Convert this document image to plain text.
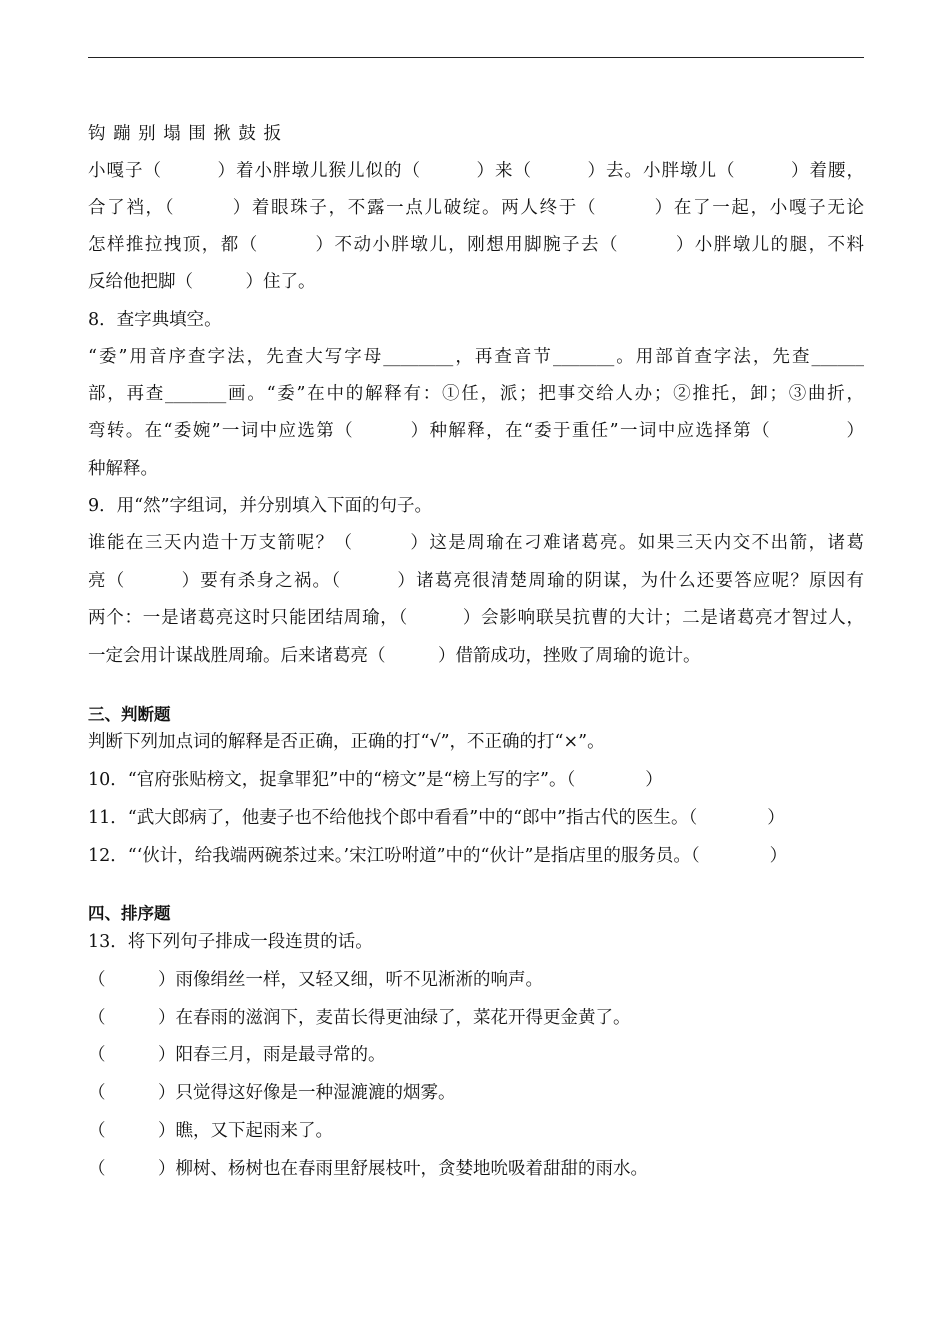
钩 蹦 别 塌 围 揪 鼓 扳
小嘎子（　　　）着小胖墩儿猴儿似的（　　　）来（　　　）去。小胖墩儿（　　　）着腰，
合了裆，（　　　）着眼珠子，不露一点儿破绽。两人终于（　　　）在了一起，小嘎子无论
怎样推拉拽顶，都（　　　）不动小胖墩儿，刚想用脚腕子去（　　　）小胖墩儿的腿，不料
反给他把脚（　　　）住了。
8．查字典填空。
“委”用音序查字法，先查大写字母________，再查音节_______。用部首查字法，先查______
部，再查_______画。“委”在中的解释有：①任，派；把事交给人办；②推托，卸；③曲折，
弯转。在“委婉”一词中应选第（　　　）种解释，在“委于重任”一词中应选择第（　　　　）
种解释。
9．用“然”字组词，并分别填入下面的句子。
谁能在三天内造十万支箭呢？（　　　）这是周瑜在刁难诸葛亮。如果三天内交不出箭，诸葛
亮（　　　）要有杀身之祸。（　　　）诸葛亮很清楚周瑜的阴谋，为什么还要答应呢？原因有
两个：一是诸葛亮这时只能团结周瑜，（　　　）会影响联吴抗曹的大计；二是诸葛亮才智过人，
一定会用计谋战胜周瑜。后来诸葛亮（　　　）借箭成功，挫败了周瑜的诡计。
三、判断题
判断下列加点词的解释是否正确，正确的打“√”，不正确的打“×”。
10．“官府张贴榜文，捉拿罪犯”中的“榜文”是“榜上写的字”。（　　　　）
11．“武大郎病了，他妻子也不给他找个郎中看看”中的“郎中”指古代的医生。（　　　　）
12．“‘伙计，给我端两碗茶过来。’宋江吩咐道”中的“伙计”是指店里的服务员。（　　　　）
四、排序题
13．将下列句子排成一段连贯的话。
（　　　）雨像绢丝一样，又轻又细，听不见淅淅的响声。
（　　　）在春雨的滋润下，麦苗长得更油绿了，菜花开得更金黄了。
（　　　）阳春三月，雨是最寻常的。
（　　　）只觉得这好像是一种湿漉漉的烟雾。
（　　　）瞧，又下起雨来了。
（　　　）柳树、杨树也在春雨里舒展枝叶，贪婪地吮吸着甜甜的雨水。
